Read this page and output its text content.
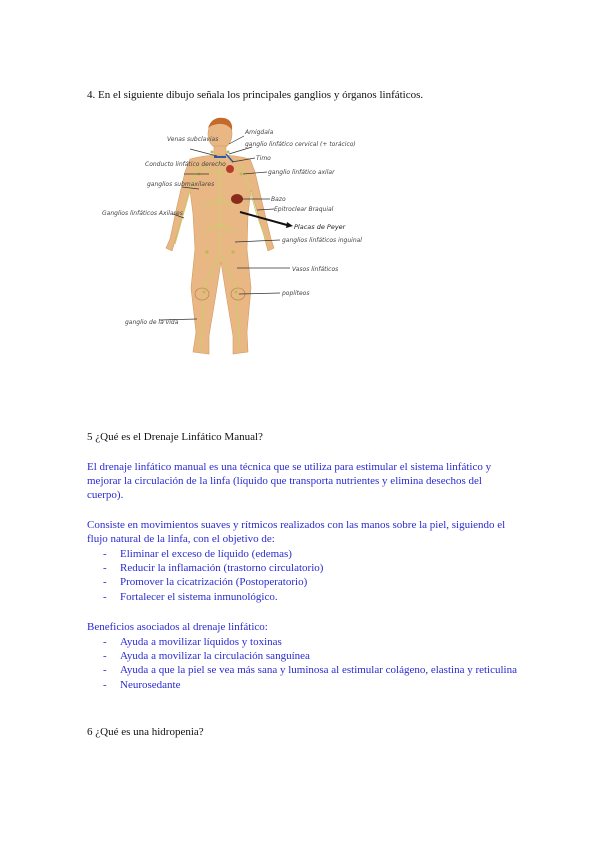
4. En el siguiente dibujo señala los principales ganglios y órganos linfáticos.
Venas subclavias
Conducto linfático derecho
ganglios submaxilares
Ganglios linfáticos Axilares
Amigdala
ganglio linfático cervical (+ torácico)
Timo
ganglio linfático axilar
Bazo
Epitroclear Braquial
Placas de Peyer
ganglios linfáticos inguinales
Vasos linfáticos
popliteos
ganglio de la vida
5 ¿Qué es el Drenaje Linfático Manual?
El drenaje linfático manual es una técnica que se utiliza para estimular el sistema linfático y mejorar la circulación de la linfa (líquido que transporta nutrientes y elimina desechos del cuerpo).
Consiste en movimientos suaves y rítmicos realizados con las manos sobre la piel, siguiendo el flujo natural de la linfa, con el objetivo de:
- Eliminar el exceso de líquido (edemas)
- Reducir la inflamación (trastorno circulatorio)
- Promover la cicatrización (Postoperatorio)
- Fortalecer el sistema inmunológico.
Beneficios asociados al drenaje linfático:
- Ayuda a movilizar líquidos y toxinas
- Ayuda a movilizar la circulación sanguínea
- Ayuda a que la piel se vea más sana y luminosa al estimular colágeno, elastina y reticulina
- Neurosedante
6 ¿Qué es una hidropenia?
